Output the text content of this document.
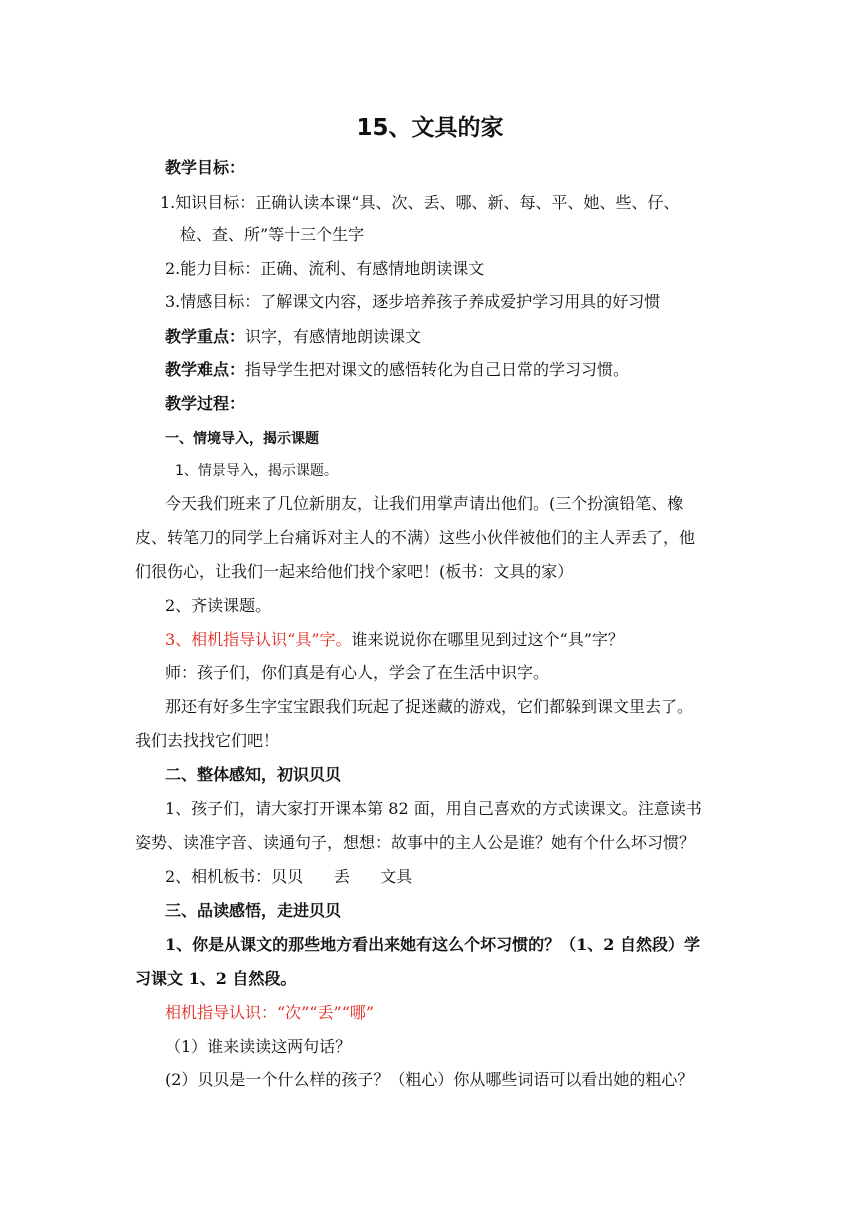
15、文具的家
教学目标：
1.知识目标：正确认读本课“具、次、丢、哪、新、每、平、她、些、仔、
检、查、所”等十三个生字
2.能力目标：正确、流利、有感情地朗读课文
3.情感目标：了解课文内容，逐步培养孩子养成爱护学习用具的好习惯
教学重点：识字，有感情地朗读课文
教学难点：指导学生把对课文的感悟转化为自己日常的学习习惯。
教学过程：
一、情境导入，揭示课题
1、情景导入，揭示课题。
今天我们班来了几位新朋友，让我们用掌声请出他们。(三个扮演铅笔、橡
皮、转笔刀的同学上台痛诉对主人的不满）这些小伙伴被他们的主人弄丢了，他
们很伤心，让我们一起来给他们找个家吧！(板书：文具的家）
2、齐读课题。
3、相机指导认识“具”字。谁来说说你在哪里见到过这个“具”字？
师：孩子们，你们真是有心人，学会了在生活中识字。
那还有好多生字宝宝跟我们玩起了捉迷藏的游戏，它们都躲到课文里去了。
我们去找找它们吧！
二、整体感知，初识贝贝
1、孩子们，请大家打开课本第 82 面，用自己喜欢的方式读课文。注意读书
姿势、读准字音、读通句子，想想：故事中的主人公是谁？她有个什么坏习惯？
2、相机板书：贝贝      丢      文具
三、品读感悟，走进贝贝
1、你是从课文的那些地方看出来她有这么个坏习惯的？（1、2 自然段）学
习课文 1、2 自然段。
相机指导认识：“次”“丢”“哪”
（1）谁来读读这两句话？
(2）贝贝是一个什么样的孩子？（粗心）你从哪些词语可以看出她的粗心？
